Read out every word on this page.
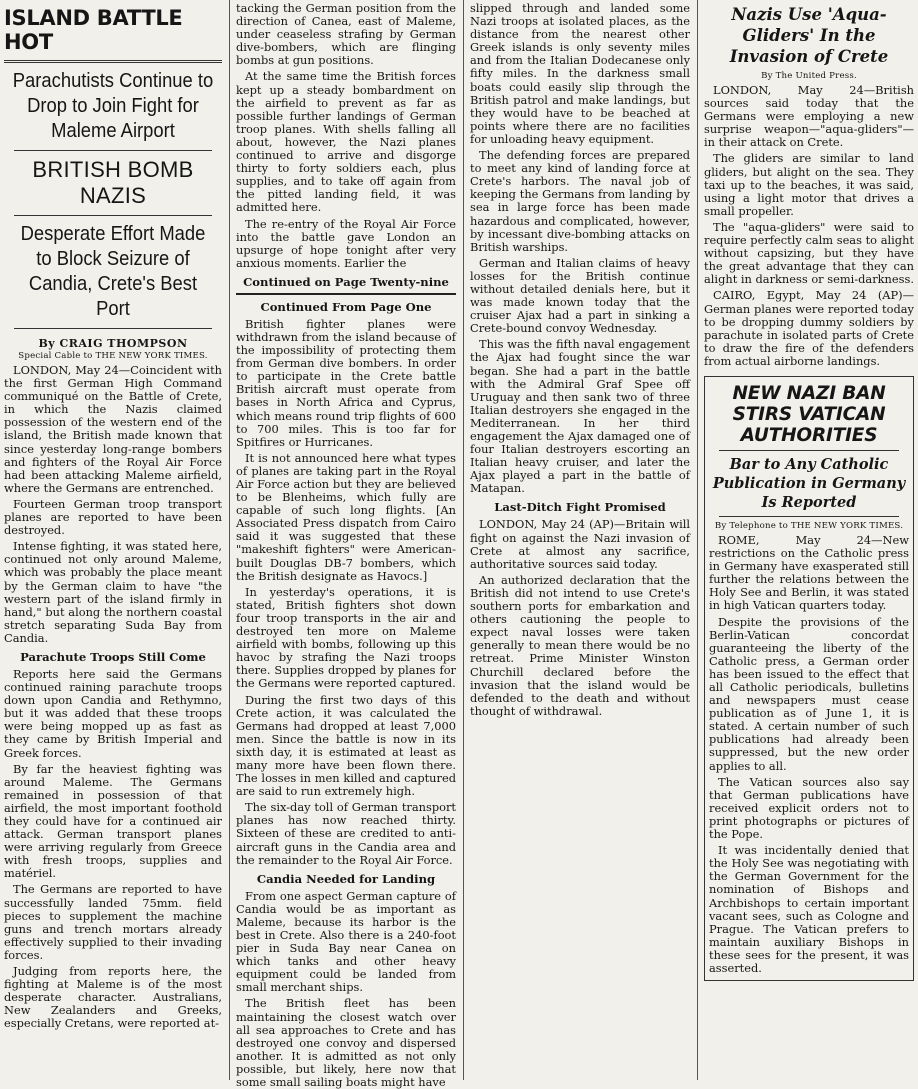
ISLAND BATTLE HOT
Parachutists Continue to Drop to Join Fight for Maleme Airport
BRITISH BOMB NAZIS
Desperate Effort Made to Block Seizure of Candia, Crete's Best Port
By CRAIG THOMPSON
Special Cable to THE NEW YORK TIMES.

LONDON, May 24—Coincident with the first German High Command communiqué on the Battle of Crete, in which the Nazis claimed possession of the western end of the island, the British made known that since yesterday long-range bombers and fighters of the Royal Air Force had been attacking Maleme airfield, where the Germans are entrenched.

Fourteen German troop transport planes are reported to have been destroyed.

Intense fighting, it was stated here, continued not only around Maleme, which was probably the place meant by the German claim to have "the western part of the island firmly in hand," but along the northern coastal stretch separating Suda Bay from Candia.

Parachute Troops Still Come

Reports here said the Germans continued raining parachute troops down upon Candia and Rethymno, but it was added that these troops were being mopped up as fast as they came by British Imperial and Greek forces.

By far the heaviest fighting was around Maleme. The Germans remained in possession of that airfield, the most important foothold they could have for a continued air attack. German transport planes were arriving regularly from Greece with fresh troops, supplies and matériel.

The Germans are reported to have successfully landed 75mm. field pieces to supplement the machine guns and trench mortars already effectively supplied to their invading forces.

Judging from reports here, the fighting at Maleme is of the most desperate character. Australians, New Zealanders and Greeks, especially Cretans, were reported at-

tacking the German position from the direction of Canea, east of Maleme, under ceaseless strafing by German dive-bombers, which are flinging bombs at gun positions.

At the same time the British forces kept up a steady bombardment on the airfield to prevent as far as possible further landings of German troop planes. With shells falling all about, however, the Nazi planes continued to arrive and disgorge thirty to forty soldiers each, plus supplies, and to take off again from the pitted landing field, it was admitted here.

The re-entry of the Royal Air Force into the battle gave London an upsurge of hope tonight after very anxious moments. Earlier the

Continued on Page Twenty-nine
Continued From Page One

British fighter planes were withdrawn from the island because of the impossibility of protecting them from German dive bombers. In order to participate in the Crete battle British aircraft must operate from bases in North Africa and Cyprus, which means round trip flights of 600 to 700 miles. This is too far for Spitfires or Hurricanes.

It is not announced here what types of planes are taking part in the Royal Air Force action but they are believed to be Blenheims, which fully are capable of such long flights. [An Associated Press dispatch from Cairo said it was suggested that these "makeshift fighters" were American-built Douglas DB-7 bombers, which the British designate as Havocs.]

In yesterday's operations, it is stated, British fighters shot down four troop transports in the air and destroyed ten more on Maleme airfield with bombs, following up this havoc by strafing the Nazi troops there. Supplies dropped by planes for the Germans were reported captured.

During the first two days of this Crete action, it was calculated the Germans had dropped at least 7,000 men. Since the battle is now in its sixth day, it is estimated at least as many more have been flown there. The losses in men killed and captured are said to run extremely high.

The six-day toll of German transport planes has now reached thirty. Sixteen of these are credited to anti-aircraft guns in the Candia area and the remainder to the Royal Air Force.

Candia Needed for Landing

From one aspect German capture of Candia would be as important as Maleme, because its harbor is the best in Crete. Also there is a 240-foot pier in Suda Bay near Canea on which tanks and other heavy equipment could be landed from small merchant ships.

The British fleet has been maintaining the closest watch over all sea approaches to Crete and has destroyed one convoy and dispersed another. It is admitted as not only possible, but likely, here now that some small sailing boats might have

slipped through and landed some Nazi troops at isolated places, as the distance from the nearest other Greek islands is only seventy miles and from the Italian Dodecanese only fifty miles. In the darkness small boats could easily slip through the British patrol and make landings, but they would have to be beached at points where there are no facilities for unloading heavy equipment.

The defending forces are prepared to meet any kind of landing force at Crete's harbors. The naval job of keeping the Germans from landing by sea in large force has been made hazardous and complicated, however, by incessant dive-bombing attacks on British warships.

German and Italian claims of heavy losses for the British continue without detailed denials here, but it was made known today that the cruiser Ajax had a part in sinking a Crete-bound convoy Wednesday.

This was the fifth naval engagement the Ajax had fought since the war began. She had a part in the battle with the Admiral Graf Spee off Uruguay and then sank two of three Italian destroyers she engaged in the Mediterranean. In her third engagement the Ajax damaged one of four Italian destroyers escorting an Italian heavy cruiser, and later the Ajax played a part in the battle of Matapan.

Last-Ditch Fight Promised

LONDON, May 24 (AP)—Britain will fight on against the Nazi invasion of Crete at almost any sacrifice, authoritative sources said today.

An authorized declaration that the British did not intend to use Crete's southern ports for embarkation and others cautioning the people to expect naval losses were taken generally to mean there would be no retreat. Prime Minister Winston Churchill declared before the invasion that the island would be defended to the death and without thought of withdrawal.

Nazis Use 'Aqua-Gliders' In the Invasion of Crete
By The United Press.

LONDON, May 24—British sources said today that the Germans were employing a new surprise weapon—"aqua-gliders"—in their attack on Crete.

The gliders are similar to land gliders, but alight on the sea. They taxi up to the beaches, it was said, using a light motor that drives a small propeller.

The "aqua-gliders" were said to require perfectly calm seas to alight without capsizing, but they have the great advantage that they can alight in darkness or semi-darkness.

CAIRO, Egypt, May 24 (AP)—German planes were reported today to be dropping dummy soldiers by parachute in isolated parts of Crete to draw the fire of the defenders from actual airborne landings.

NEW NAZI BAN STIRS VATICAN AUTHORITIES
Bar to Any Catholic Publication in Germany Is Reported
By Telephone to THE NEW YORK TIMES.

ROME, May 24—New restrictions on the Catholic press in Germany have exasperated still further the relations between the Holy See and Berlin, it was stated in high Vatican quarters today.

Despite the provisions of the Berlin-Vatican concordat guaranteeing the liberty of the Catholic press, a German order has been issued to the effect that all Catholic periodicals, bulletins and newspapers must cease publication as of June 1, it is stated. A certain number of such publications had already been suppressed, but the new order applies to all.

The Vatican sources also say that German publications have received explicit orders not to print photographs or pictures of the Pope.

It was incidentally denied that the Holy See was negotiating with the German Government for the nomination of Bishops and Archbishops to certain important vacant sees, such as Cologne and Prague. The Vatican prefers to maintain auxiliary Bishops in these sees for the present, it was asserted.
